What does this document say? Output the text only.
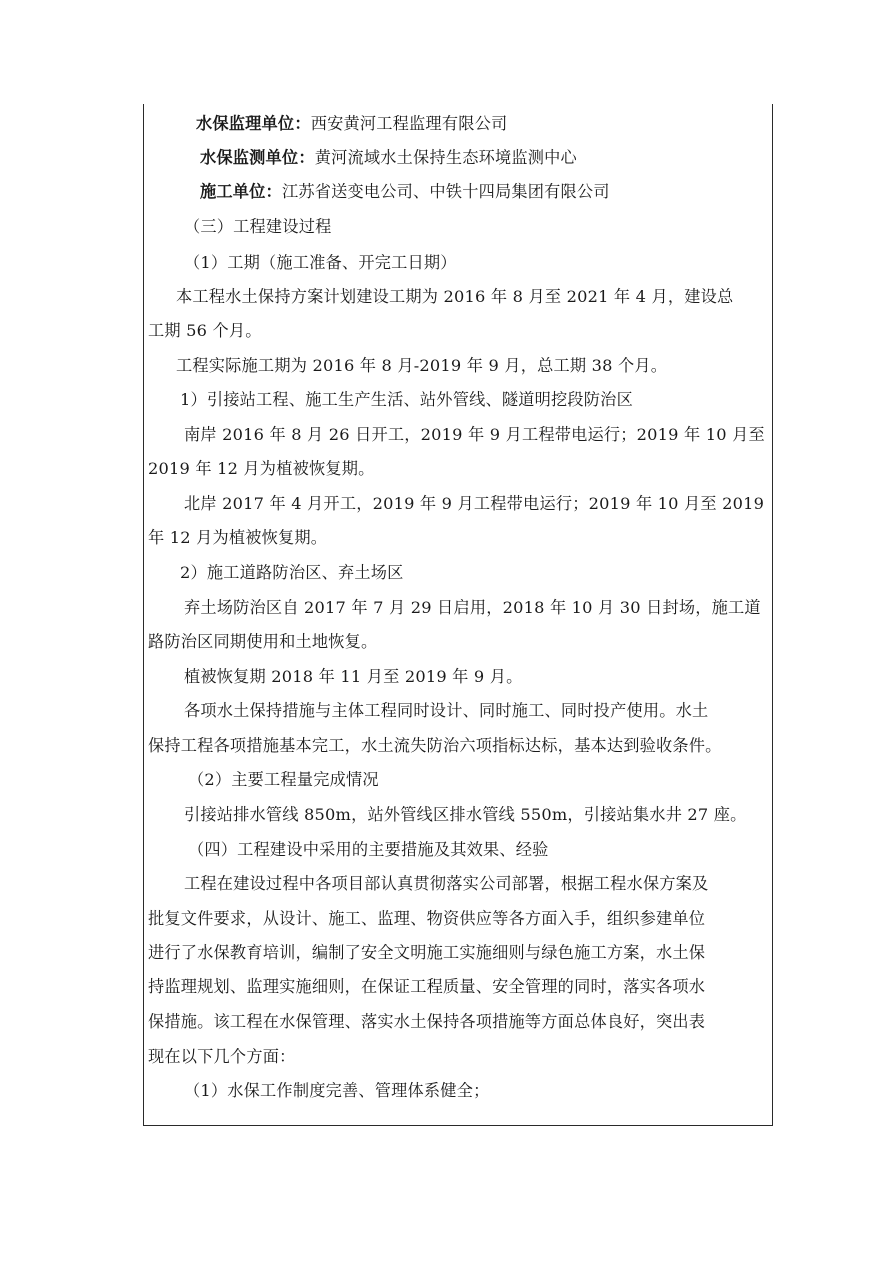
水保监理单位：西安黄河工程监理有限公司
水保监测单位：黄河流域水土保持生态环境监测中心
施工单位：江苏省送变电公司、中铁十四局集团有限公司
（三）工程建设过程
（1）工期（施工准备、开完工日期）
本工程水土保持方案计划建设工期为 2016 年 8 月至 2021 年 4 月，建设总
工期 56 个月。
工程实际施工期为 2016 年 8 月-2019 年 9 月，总工期 38 个月。
1）引接站工程、施工生产生活、站外管线、隧道明挖段防治区
南岸 2016 年 8 月 26 日开工，2019 年 9 月工程带电运行；2019 年 10 月至
2019 年 12 月为植被恢复期。
北岸 2017 年 4 月开工，2019 年 9 月工程带电运行；2019 年 10 月至 2019
年 12 月为植被恢复期。
2）施工道路防治区、弃土场区
弃土场防治区自 2017 年 7 月 29 日启用，2018 年 10 月 30 日封场，施工道
路防治区同期使用和土地恢复。
植被恢复期 2018 年 11 月至 2019 年 9 月。
各项水土保持措施与主体工程同时设计、同时施工、同时投产使用。水土
保持工程各项措施基本完工，水土流失防治六项指标达标，基本达到验收条件。
（2）主要工程量完成情况
引接站排水管线 850m，站外管线区排水管线 550m，引接站集水井 27 座。
（四）工程建设中采用的主要措施及其效果、经验
工程在建设过程中各项目部认真贯彻落实公司部署，根据工程水保方案及
批复文件要求，从设计、施工、监理、物资供应等各方面入手，组织参建单位
进行了水保教育培训，编制了安全文明施工实施细则与绿色施工方案，水土保
持监理规划、监理实施细则，在保证工程质量、安全管理的同时，落实各项水
保措施。该工程在水保管理、落实水土保持各项措施等方面总体良好，突出表
现在以下几个方面：
（1）水保工作制度完善、管理体系健全；
